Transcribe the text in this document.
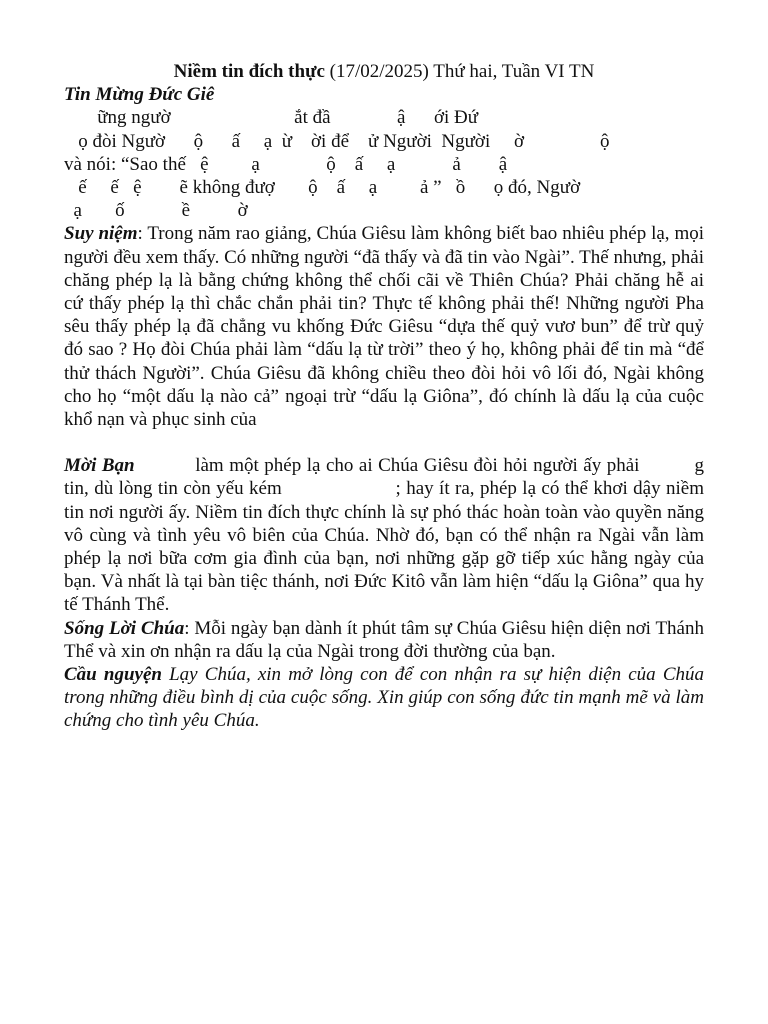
Niềm tin đích thực (17/02/2025) Thứ hai, Tuần VI TN

Tin Mừng Đức Giê

ững ngườ                          ắt đầ              ậ      ới Đứ

ọ đòi Ngườ      ộ      ấ     ạ  ừ    ời để    ử Người  Người     ờ                ộ

và nói: “Sao thế   ệ         ạ              ộ    ấ     ạ            ả        ậ

ế     ế   ệ        ẽ không đượ       ộ    ấ     ạ         ả ”   ồ      ọ đó, Ngườ

ạ       ố            ề          ờ

Suy niệm: Trong năm rao giảng, Chúa Giêsu làm không biết bao nhiêu phép lạ, mọi người đều xem thấy. Có những người “đã thấy và đã tin vào Ngài”. Thế nhưng, phải chăng phép lạ là bằng chứng không thể chối cãi về Thiên Chúa? Phải chăng hễ ai cứ thấy phép lạ thì chắc chắn phải tin? Thực tế không phải thế! Những người Pha sêu thấy phép lạ đã chẳng vu khống Đức Giêsu “dựa thế quỷ vươ bun” để trừ quỷ đó sao ? Họ đòi Chúa phải làm “dấu lạ từ trời” theo ý họ, không phải để tin mà “để thử thách Người”. Chúa Giêsu đã không chiều theo đòi hỏi vô lối đó, Ngài không cho họ “một dấu lạ nào cả” ngoại trừ “dấu lạ Giôna”, đó chính là dấu lạ của cuộc khổ nạn và phục sinh của

Mời Bạn           làm một phép lạ cho ai Chúa Giêsu đòi hỏi người ấy phải          g tin, dù lòng tin còn yếu kém                     ; hay ít ra, phép lạ có thể khơi dậy niềm tin nơi người ấy. Niềm tin đích thực chính là sự phó thác hoàn toàn vào quyền năng vô cùng và tình yêu vô biên của Chúa. Nhờ đó, bạn có thể nhận ra Ngài vẫn làm phép lạ nơi bữa cơm gia đình của bạn, nơi những gặp gỡ tiếp xúc hằng ngày của bạn. Và nhất là tại bàn tiệc thánh, nơi Đức Kitô vẫn làm hiện “dấu lạ Giôna” qua hy tế Thánh Thể.

Sống Lời Chúa: Mỗi ngày bạn dành ít phút tâm sự Chúa Giêsu hiện diện nơi Thánh Thể và xin ơn nhận ra dấu lạ của Ngài trong đời thường của bạn.

Cầu nguyện Lạy Chúa, xin mở lòng con để con nhận ra sự hiện diện của Chúa trong những điều bình dị của cuộc sống. Xin giúp con sống đức tin mạnh mẽ và làm chứng cho tình yêu Chúa.
